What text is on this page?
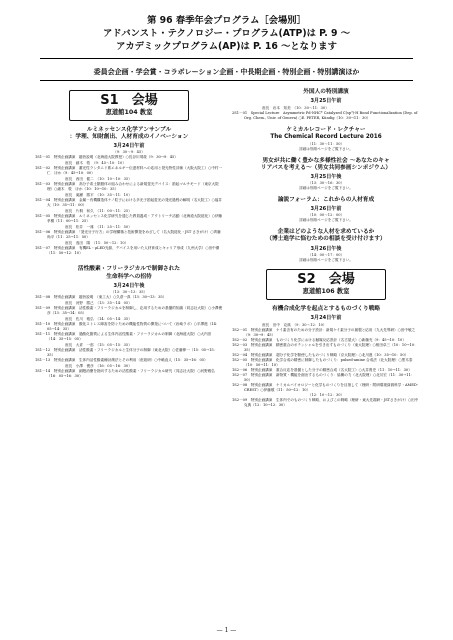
第 96 春季年会プログラム［会場別］
アドバンスト・テクノロジー・プログラム(ATP)は P. 9 ～
アカデミックプログラム(AP)は P. 16 ～となります
委員会企画・学会賞・コラボレーション企画・中長期企画・特別企画・特別講演ほか
S1　会場
恵道館104 教室
ルミネッセンス化学アンサンブル
：学理、知財創出、人材育成のイノベーション
3月24日午前
（9：30～9：45）

1S1－01　特別企画講演　趣旨説明（北海道大院教授）○長谷川靖哉（9：30→9：45）

座長　細木　敦　（9：45～10：10）

1S1－02　特別企画講演　蓄光性ランタニド系エネルギー伝達材料への応用と発光特性評価（大阪大院工）○中村一仁　ほか（9：45→10：00）

座長　西田　健二　（10：10～10：35）

1S1－03　特別企画講演　高分子希土類錯体の組み合わせによる新規蛍光デバイス：励起マルチモード（東京大院理）○細木　敦　ほか（10：10→10：35）

座長　滝瀬　勝平　（10：35～11：10）

1S1－04　特別企画講演　金属－有機構造体ナノ粒子における多光子励起蛍光の発光過程の解明（名大院工）○福井　大（10：35→11：00）

座長　片桐　和久　（11：00～11：25）

1S1－05　特別企画講演　ルミネッセンス化学研究を通じた教員養成・アウトリーチ活動（北海道大院総化）○伊藤孝樹（11：00→11：25）

座長　松井　一雄　（11：25～11：50）

1S1－06　特別企画講演　「発光分子行方」の学理構築と技術開発をめざして（名大院総化・JST さきがけ）○齊藤尚平（11：25→11：50）

座長　逸田　陽　（11：50～12：10）

1S1－07　特別企画講演　有機EL・μLED光源、デバイスを用いた人材育成とキャリア形成（九州大学）○田中優（11：50→12：10）

活性酸素・フリーラジカルで制御された
生命科学への招待
3月24日午後
（13：30～13：35）

1S1－08　特別企画講演　趣旨説明　（東工大）○久倉一真（13：30→13：35）

座長　河野　勝己　（13：35～14：05）

1S1－09　特別企画講演　活性酸素・フリーラジカルを制御し、応用するための基盤的知識（同志社大院）○小澤俊彦（13：35→14：05）

座長　佐川　雅弘　（14：05～14：35）

1S1－10　特別企画講演　酸化ストレス障害を防ぐための機能性物質の開発について（岩崎ラボ）○平澤進（14：05→14：35）

1S1－11　特別企画講演　過酸化脂質による生体内活性酸素・フリーラジカルの制御（北海道大院）○大内崇（14：35→15：05）

座長　大倉　一郎　（15：05～15：35）

1S1－12　特別企画講演　活性酸素・フリーラジカルと生体分子の制御（東北大院）○佐藤伸一（15：05→15：35）

1S1－13　特別企画講演　生体内活性酸素種計測法とその利用（産総研）○中嶋直人（15：35→16：05）

座長　小澤　俊彦　（16：05～16：30）

1S1－14　特別企画講演　細胞治療を指向するための活性酸素・フリーラジカル研究（同志社大院）○河野雅弘（16：05→16：30）

外国人の特別講演
3月25日午前
座長　岩本　知美　（10：30～11：30）

2S1－01　Special Lecture　Asymmetric Pd-NHC* Catalyzed C(sp³)-H Bond Functionalization (Dep. of Org. Chem., Univ. of Geneva) ○E. PETER, Kündig（10：30→11：30）

ケミカルレコード・レクチャー
The Chemical Record Lecture 2016
（11：30～11：50）
詳細は別紙ページをご覧下さい。
男女が共に働く豊かな多様性社会 ～あなたのキャ
リアパスを考える～（男女共同参画シンポジウム）
3月25日午後
（13：30～16：30）
詳細は別紙ページをご覧下さい。
論説フォーラム：これからの人材育成
3月26日午前
（10：00～12：00）
詳細は別紙ページをご覧下さい。
企業はどのような人材を求めているか
（博士進学に悩むための相談を受け付けます）
3月26日午後
（14：00～17：00）
詳細は別紙ページをご覧下さい。
S2　会場
恵道館106 教室
有機合成化学を起点とするものづくり戦略
3月24日午前
座長　田中　克典　（9：30～12：10）

1S2－01　特別企画講演　ケイ素含有のための分子設計：新規ケイ素分子の創製と応用（九大先導研）○田中敏之（9：30→9：45）

1S2－02　特別企画講演　ものづくり化学における触媒反応設計（名古屋大）○新藤充（9：45→10：10）

1S2－03　特別企画講演　精密重合のポテンシャルを引き出すものづくり（東大院理）○相田卓三（10：10→10：35）

1S2－04　特別企画講演　超分子化学を駆使したものづくり戦略（京大院理）○北川進（10：35→10：50）

1S2－05　特別企画講演　化学合成の精密に制御したものづくり：pulsed-amine 合成法（北大院理）○黒木泰（10：50→11：10）

1S2－06　特別企画講演　重合反応を基盤とした分子の精密合成（名大院工）○大井貴史（11：10→11：30）

1S2－07　特別企画講演　新物質・機能を創出するものづくり：協働の力（北大院理）○北川宏（11：30→11：50）

1S2－08　特別企画講演　ケミカルバイオロジーと化学ものづくりを目指して（理研・附研環境資源科学・AMED-CREST）○伊藤敬（11：50→12：10）

（12：10～12：30）

1S2－09　特別企画講演　生体内でのものづくり戦略、およびこの戦略（理研・東大先端研・JSTさきがけ）○田中克典（12：10→12：30）

— 1 —
